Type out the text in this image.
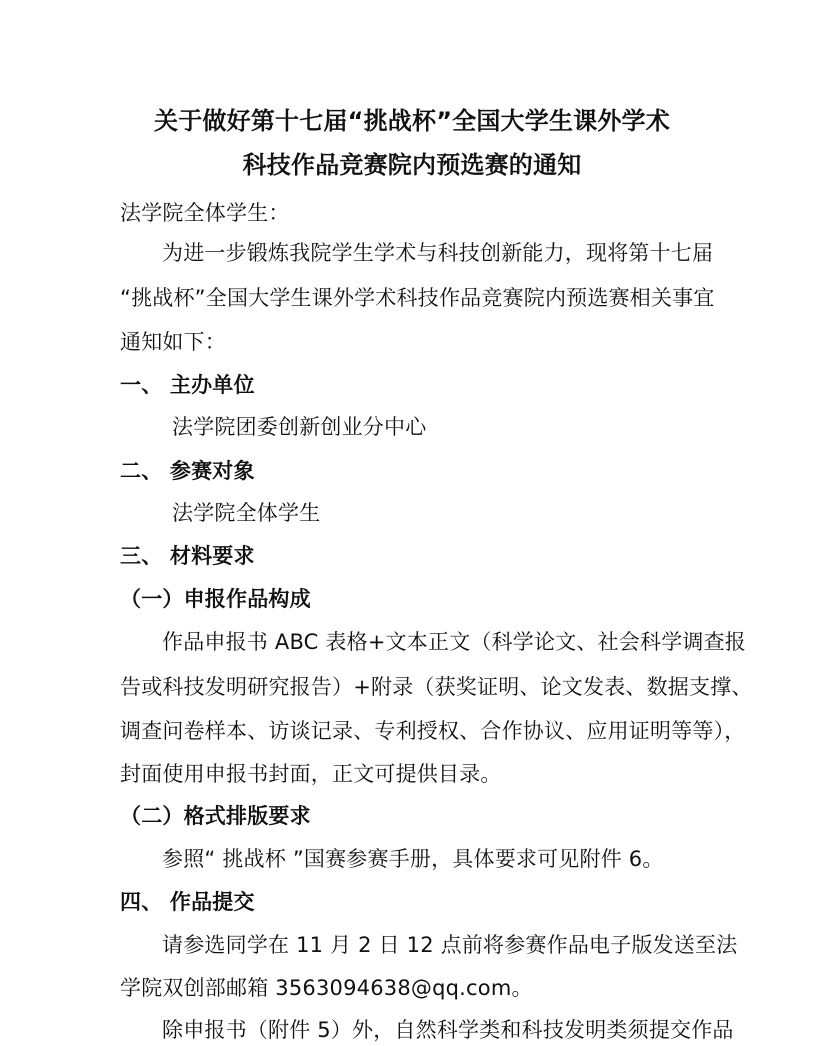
关于做好第十七届“挑战杯”全国大学生课外学术
科技作品竞赛院内预选赛的通知
法学院全体学生：
为进一步锻炼我院学生学术与科技创新能力，现将第十七届
“挑战杯”全国大学生课外学术科技作品竞赛院内预选赛相关事宜
通知如下：
一、 主办单位
法学院团委创新创业分中心
二、 参赛对象
法学院全体学生
三、 材料要求
（一）申报作品构成
作品申报书 ABC 表格+文本正文（科学论文、社会科学调查报
告或科技发明研究报告）+附录（获奖证明、论文发表、数据支撑、
调查问卷样本、访谈记录、专利授权、合作协议、应用证明等等），
封面使用申报书封面，正文可提供目录。
（二）格式排版要求
参照“ 挑战杯 ”国赛参赛手册，具体要求可见附件 6。
四、 作品提交
请参选同学在 11 月 2 日 12 点前将参赛作品电子版发送至法
学院双创部邮箱 3563094638@qq.com。
除申报书（附件 5）外，自然科学类和科技发明类须提交作品
